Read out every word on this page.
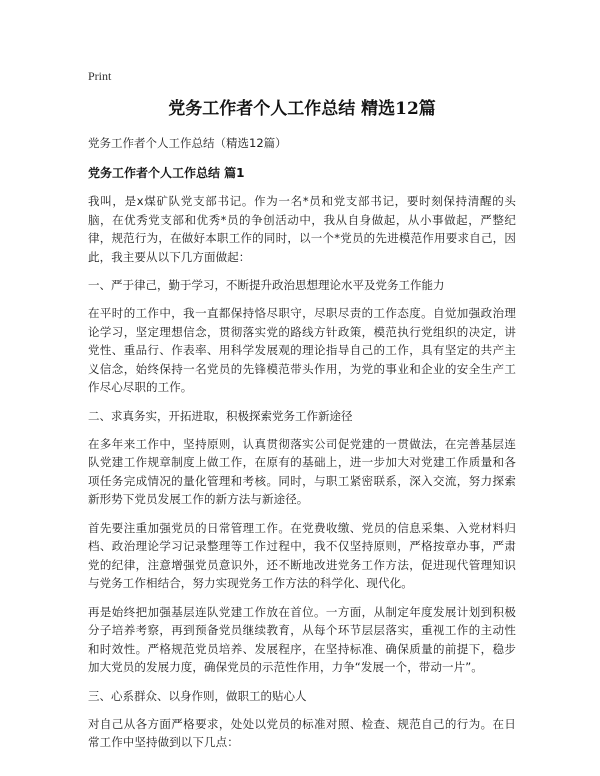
Print
党务工作者个人工作总结 精选12篇
党务工作者个人工作总结（精选12篇）
党务工作者个人工作总结 篇1

我叫，是x煤矿队党支部书记。作为一名*员和党支部书记，要时刻保持清醒的头脑，在优秀党支部和优秀*员的争创活动中，我从自身做起，从小事做起，严整纪律，规范行为，在做好本职工作的同时，以一个*党员的先进模范作用要求自己，因此，我主要从以下几方面做起：

一、严于律己，勤于学习，不断提升政治思想理论水平及党务工作能力

在平时的工作中，我一直都保持恪尽职守，尽职尽责的工作态度。自觉加强政治理论学习，坚定理想信念，贯彻落实党的路线方针政策，模范执行党组织的决定，讲党性、重品行、作表率、用科学发展观的理论指导自己的工作，具有坚定的共产主义信念，始终保持一名党员的先锋模范带头作用，为党的事业和企业的安全生产工作尽心尽职的工作。

二、求真务实，开拓进取，积极探索党务工作新途径

在多年来工作中，坚持原则，认真贯彻落实公司促党建的一贯做法，在完善基层连队党建工作规章制度上做工作，在原有的基础上，进一步加大对党建工作质量和各项任务完成情况的量化管理和考核。同时，与职工紧密联系，深入交流，努力探索新形势下党员发展工作的新方法与新途径。

首先要注重加强党员的日常管理工作。在党费收缴、党员的信息采集、入党材料归档、政治理论学习记录整理等工作过程中，我不仅坚持原则，严格按章办事，严肃党的纪律，注意增强党员意识外，还不断地改进党务工作方法，促进现代管理知识与党务工作相结合，努力实现党务工作方法的科学化、现代化。

再是始终把加强基层连队党建工作放在首位。一方面，从制定年度发展计划到积极分子培养考察，再到预备党员继续教育，从每个环节层层落实，重视工作的主动性和时效性。严格规范党员培养、发展程序，在坚持标准、确保质量的前提下，稳步加大党员的发展力度，确保党员的示范性作用，力争“发展一个，带动一片”。

三、心系群众、以身作则，做职工的贴心人

对自己从各方面严格要求，处处以党员的标准对照、检查、规范自己的行为。在日常工作中坚持做到以下几点：
